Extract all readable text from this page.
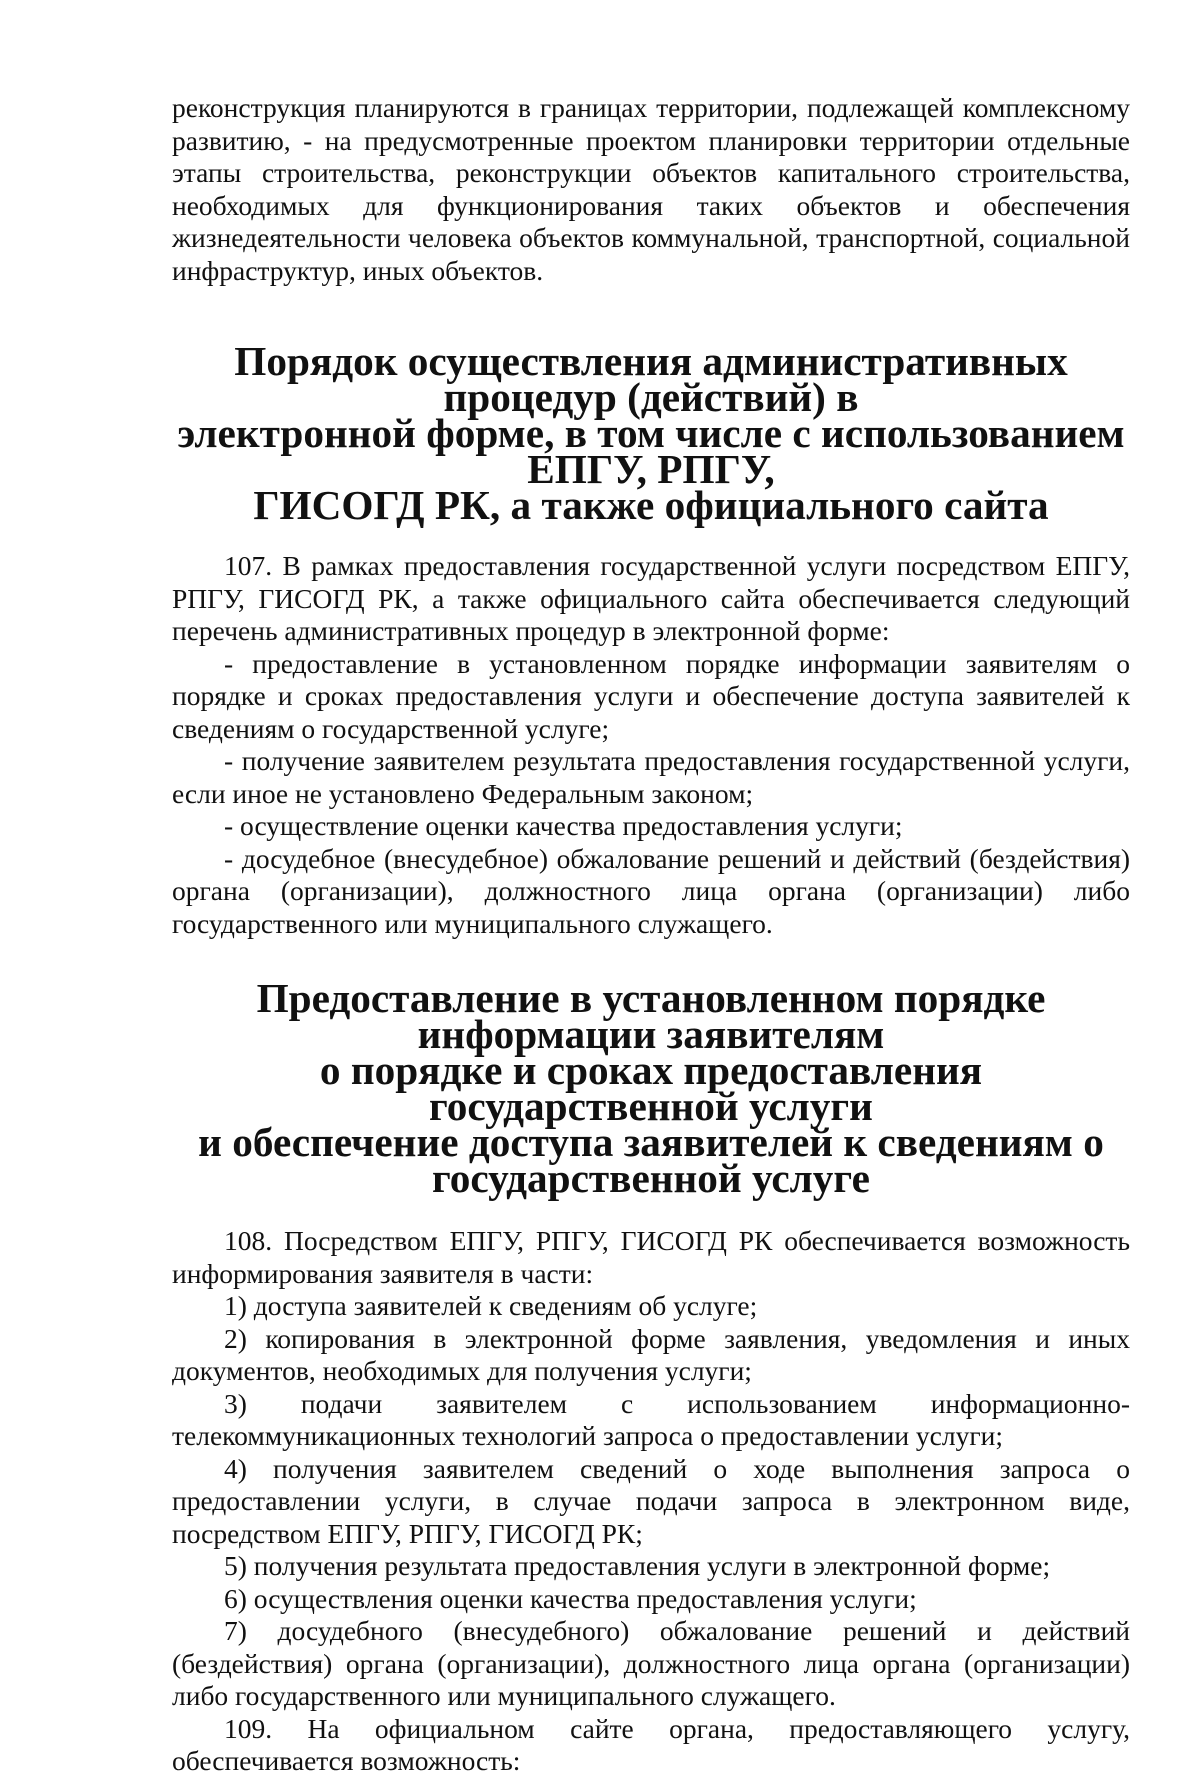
реконструкция планируются в границах территории, подлежащей комплексному развитию, - на предусмотренные проектом планировки территории отдельные этапы строительства, реконструкции объектов капитального строительства, необходимых для функционирования таких объектов и обеспечения жизнедеятельности человека объектов коммунальной, транспортной, социальной инфраструктур, иных объектов.

Порядок осуществления административных процедур (действий) в
электронной форме, в том числе с использованием ЕПГУ, РПГУ,
ГИСОГД РК, а также официального сайта

107. В рамках предоставления государственной услуги посредством ЕПГУ, РПГУ, ГИСОГД РК, а также официального сайта обеспечивается следующий перечень административных процедур в электронной форме:

- предоставление в установленном порядке информации заявителям о порядке и сроках предоставления услуги и обеспечение доступа заявителей к сведениям о государственной услуге;

- получение заявителем результата предоставления государственной услуги, если иное не установлено Федеральным законом;

- осуществление оценки качества предоставления услуги;

- досудебное (внесудебное) обжалование решений и действий (бездействия) органа (организации), должностного лица органа (организации) либо государственного или муниципального служащего.

Предоставление в установленном порядке информации заявителям
о порядке и сроках предоставления государственной услуги
и обеспечение доступа заявителей к сведениям о государственной услуге

108. Посредством ЕПГУ, РПГУ, ГИСОГД РК обеспечивается возможность информирования заявителя в части:

1) доступа заявителей к сведениям об услуге;

2) копирования в электронной форме заявления, уведомления и иных документов, необходимых для получения услуги;

3) подачи заявителем с использованием информационно-телекоммуникационных технологий запроса о предоставлении услуги;

4) получения заявителем сведений о ходе выполнения запроса о предоставлении услуги, в случае подачи запроса в электронном виде, посредством ЕПГУ, РПГУ, ГИСОГД РК;

5) получения результата предоставления услуги в электронной форме;

6) осуществления оценки качества предоставления услуги;

7) досудебного (внесудебного) обжалование решений и действий (бездействия) органа (организации), должностного лица органа (организации) либо государственного или муниципального служащего.

109. На официальном сайте органа, предоставляющего услугу, обеспечивается возможность:
